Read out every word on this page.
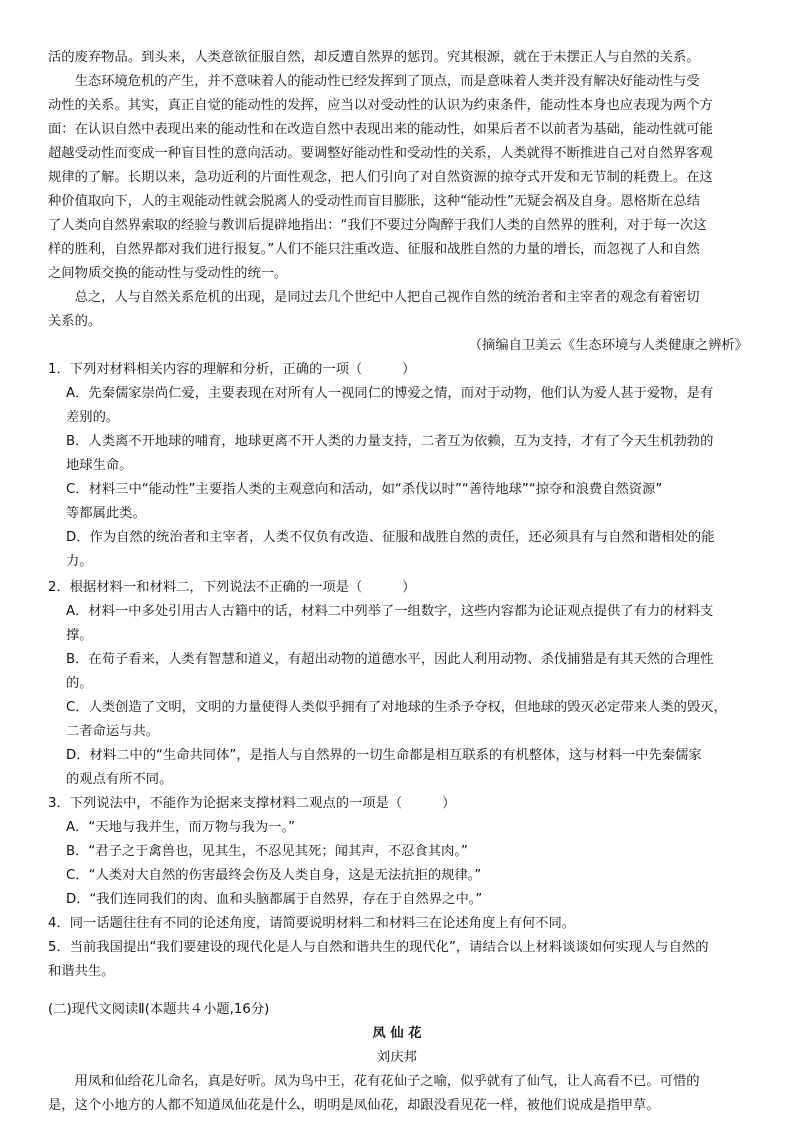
活的废弃物品。到头来，人类意欲征服自然，却反遭自然界的惩罚。究其根源，就在于未摆正人与自然的关系。

　　生态环境危机的产生，并不意味着人的能动性已经发挥到了顶点，而是意味着人类并没有解决好能动性与受

动性的关系。其实，真正自觉的能动性的发挥，应当以对受动性的认识为约束条件，能动性本身也应表现为两个方

面：在认识自然中表现出来的能动性和在改造自然中表现出来的能动性，如果后者不以前者为基础，能动性就可能

超越受动性而变成一种盲目性的意向活动。要调整好能动性和受动性的关系，人类就得不断推进自己对自然界客观

规律的了解。长期以来，急功近利的片面性观念，把人们引向了对自然资源的掠夺式开发和无节制的耗费上。在这

种价值取向下，人的主观能动性就会脱离人的受动性而盲目膨胀，这种“能动性”无疑会祸及自身。恩格斯在总结

了人类向自然界索取的经验与教训后提辟地指出：“我们不要过分陶醉于我们人类的自然界的胜利，对于每一次这

样的胜利，自然界都对我们进行报复。”人们不能只注重改造、征服和战胜自然的力量的增长，而忽视了人和自然

之间物质交换的能动性与受动性的统一。

　　总之，人与自然关系危机的出现，是同过去几个世纪中人把自己视作自然的统治者和主宰者的观念有着密切

关系的。

（摘编自卫美云《生态环境与人类健康之辨析》

1．下列对材料相关内容的理解和分析，正确的一项（　　　）

A．先秦儒家崇尚仁爱，主要表现在对所有人一视同仁的博爱之情，而对于动物，他们认为爱人甚于爱物，是有

差别的。

B．人类离不开地球的哺育，地球更离不开人类的力量支持，二者互为依赖，互为支持，才有了今天生机勃勃的

地球生命。

C．材料三中“能动性”主要指人类的主观意向和活动，如“杀伐以时”“善待地球”“掠夺和浪费自然资源”

等都属此类。

D．作为自然的统治者和主宰者，人类不仅负有改造、征服和战胜自然的责任，还必须具有与自然和谐相处的能

力。

2．根据材料一和材料二，下列说法不正确的一项是（　　　）

A．材料一中多处引用古人古籍中的话，材料二中列举了一组数字，这些内容都为论证观点提供了有力的材料支

撑。

B．在荀子看来，人类有智慧和道义，有超出动物的道德水平，因此人利用动物、杀伐捕猎是有其天然的合理性

的。

C．人类创造了文明，文明的力量使得人类似乎拥有了对地球的生杀予夺权，但地球的毁灭必定带来人类的毁灭，

二者命运与共。

D．材料二中的“生命共同体”，是指人与自然界的一切生命都是相互联系的有机整体，这与材料一中先秦儒家

的观点有所不同。

3．下列说法中，不能作为论据来支撑材料二观点的一项是（　　　）

A．“天地与我并生，而万物与我为一。”

B．“君子之于禽兽也，见其生，不忍见其死；闻其声，不忍食其肉。”

C．“人类对大自然的伤害最终会伤及人类自身，这是无法抗拒的规律。”

D．“我们连同我们的肉、血和头脑都属于自然界，存在于自然界之中。”

4．同一话题往往有不同的论述角度，请简要说明材料二和材料三在论述角度上有何不同。

5．当前我国提出“我们要建设的现代化是人与自然和谐共生的现代化”，请结合以上材料谈谈如何实现人与自然的

和谐共生。

(二)现代文阅读Ⅱ(本题共４小题,16分)

凤 仙 花

刘庆邦

　　用凤和仙给花儿命名，真是好听。凤为鸟中王，花有花仙子之喻，似乎就有了仙气，让人高看不已。可惜的

是，这个小地方的人都不知道凤仙花是什么，明明是凤仙花，却跟没看见花一样，被他们说成是指甲草。
